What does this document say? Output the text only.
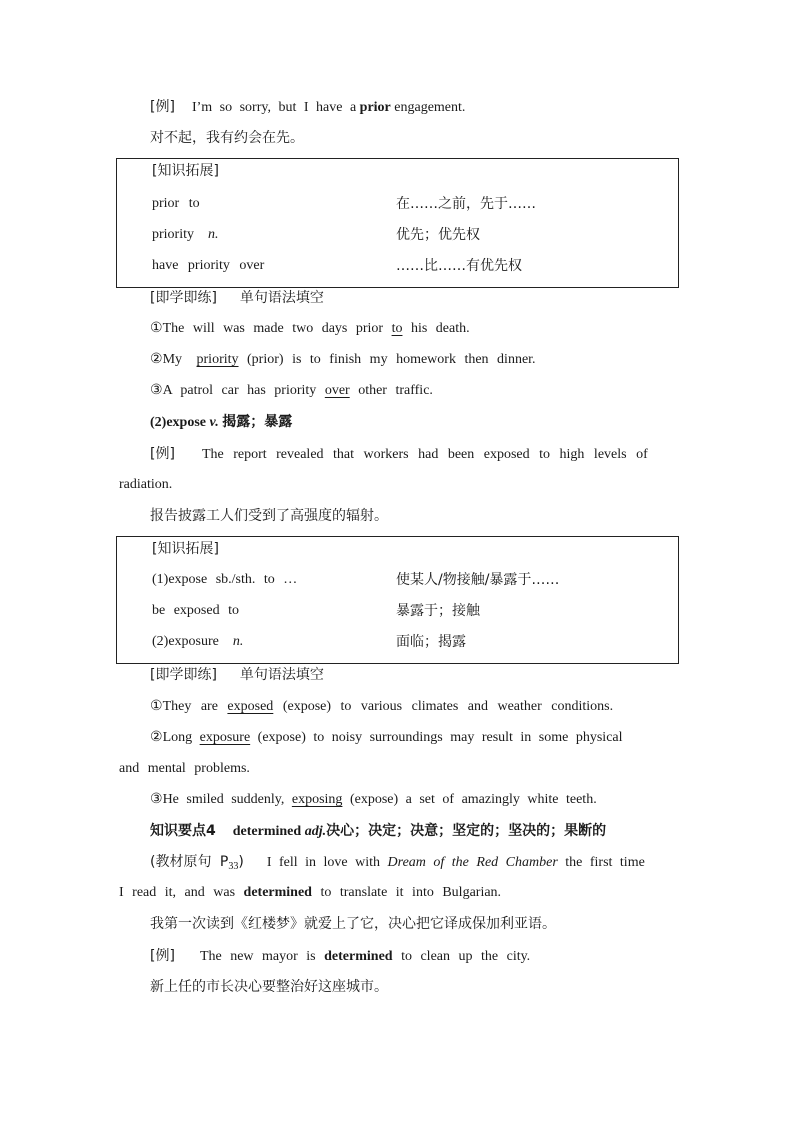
[例] I’m so sorry, but I have a prior engagement.
对不起，我有约会在先。
[知识拓展]
prior to	在……之前，先于……
priority n.	优先；优先权
have priority over	……比……有优先权
[即学即练] 单句语法填空
①The will was made two days prior to his death.
②My priority (prior) is to finish my homework then dinner.
③A patrol car has priority over other traffic.
(2)expose v. 揭露；暴露
[例] The report revealed that workers had been exposed to high levels of
radiation.
报告披露工人们受到了高强度的辐射。
[知识拓展]
(1)expose sb./sth. to …	使某人/物接触/暴露于……
be exposed to	暴露于；接触
(2)exposure n.	面临；揭露
[即学即练] 单句语法填空
①They are exposed (expose) to various climates and weather conditions.
②Long exposure (expose) to noisy surroundings may result in some physical
and mental problems.
③He smiled suddenly, exposing (expose) a set of amazingly white teeth.
知识要点4 determined adj.决心；决定；决意；坚定的；坚决的；果断的
(教材原句 $P_{33}$) I fell in love with Dream of the Red Chamber the first time
I read it, and was determined to translate it into Bulgarian.
我第一次读到《红楼梦》就爱上了它，决心把它译成保加利亚语。
[例] The new mayor is determined to clean up the city.
新上任的市长决心要整治好这座城市。
